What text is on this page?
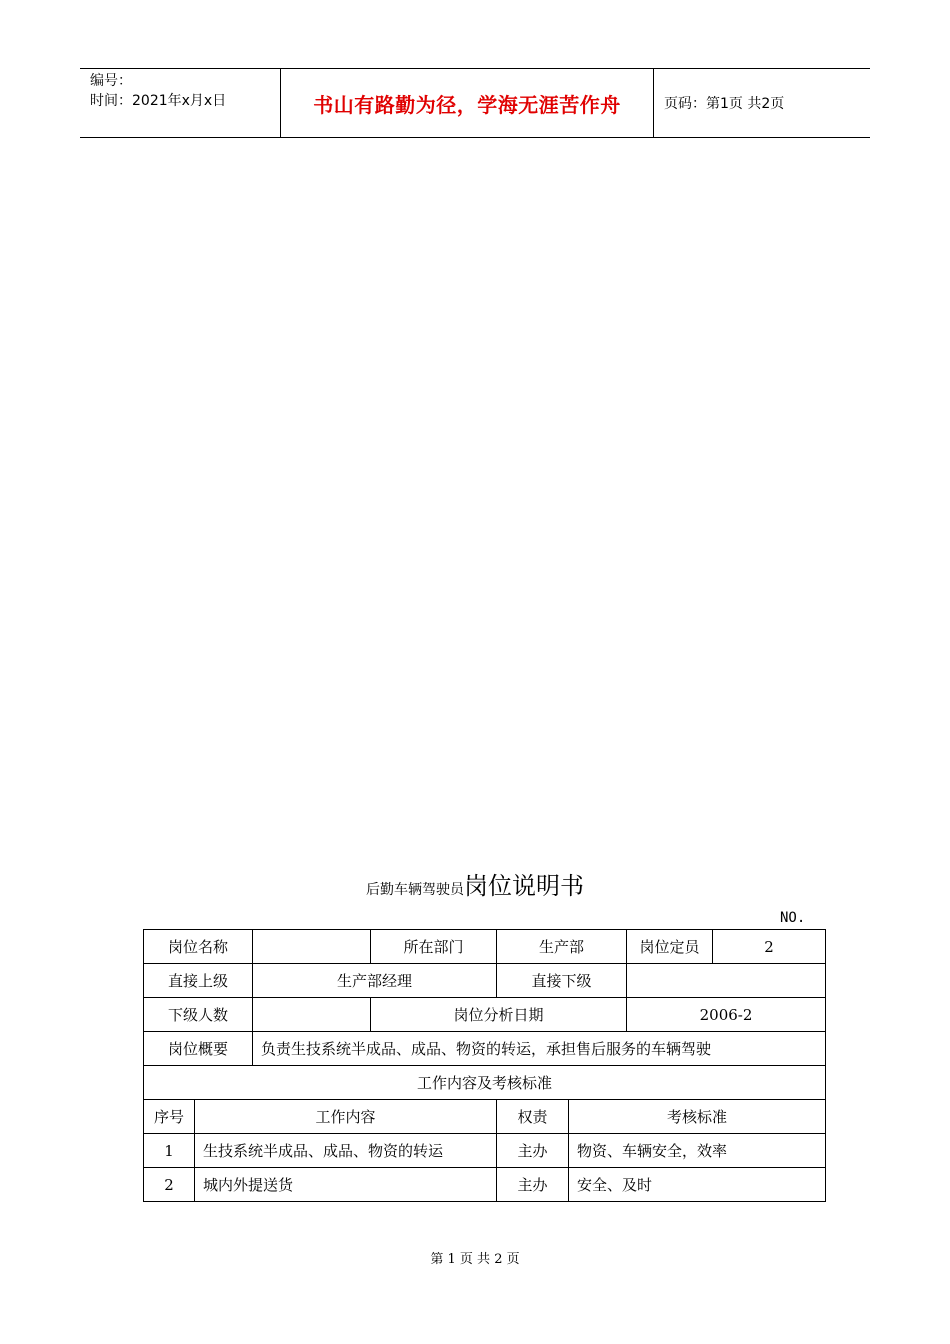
编号：
时间：2021年x月x日	书山有路勤为径，学海无涯苦作舟	页码：第1页 共2页
后勤车辆驾驶员岗位说明书
NO.
岗位名称			所在部门	生产部		岗位定员	2
直接上级		生产部经理		直接下级			
下级人数			岗位分析日期			2006-2	
岗位概要		负责生技系统半成品、成品、物资的转运，承担售后服务的车辆驾驶					
工作内容及考核标准							
序号	工作内容			权责	考核标准		
1	生技系统半成品、成品、物资的转运			主办	物资、车辆安全，效率		
2	城内外提送货			主办	安全、及时		
第 1 页 共 2 页
